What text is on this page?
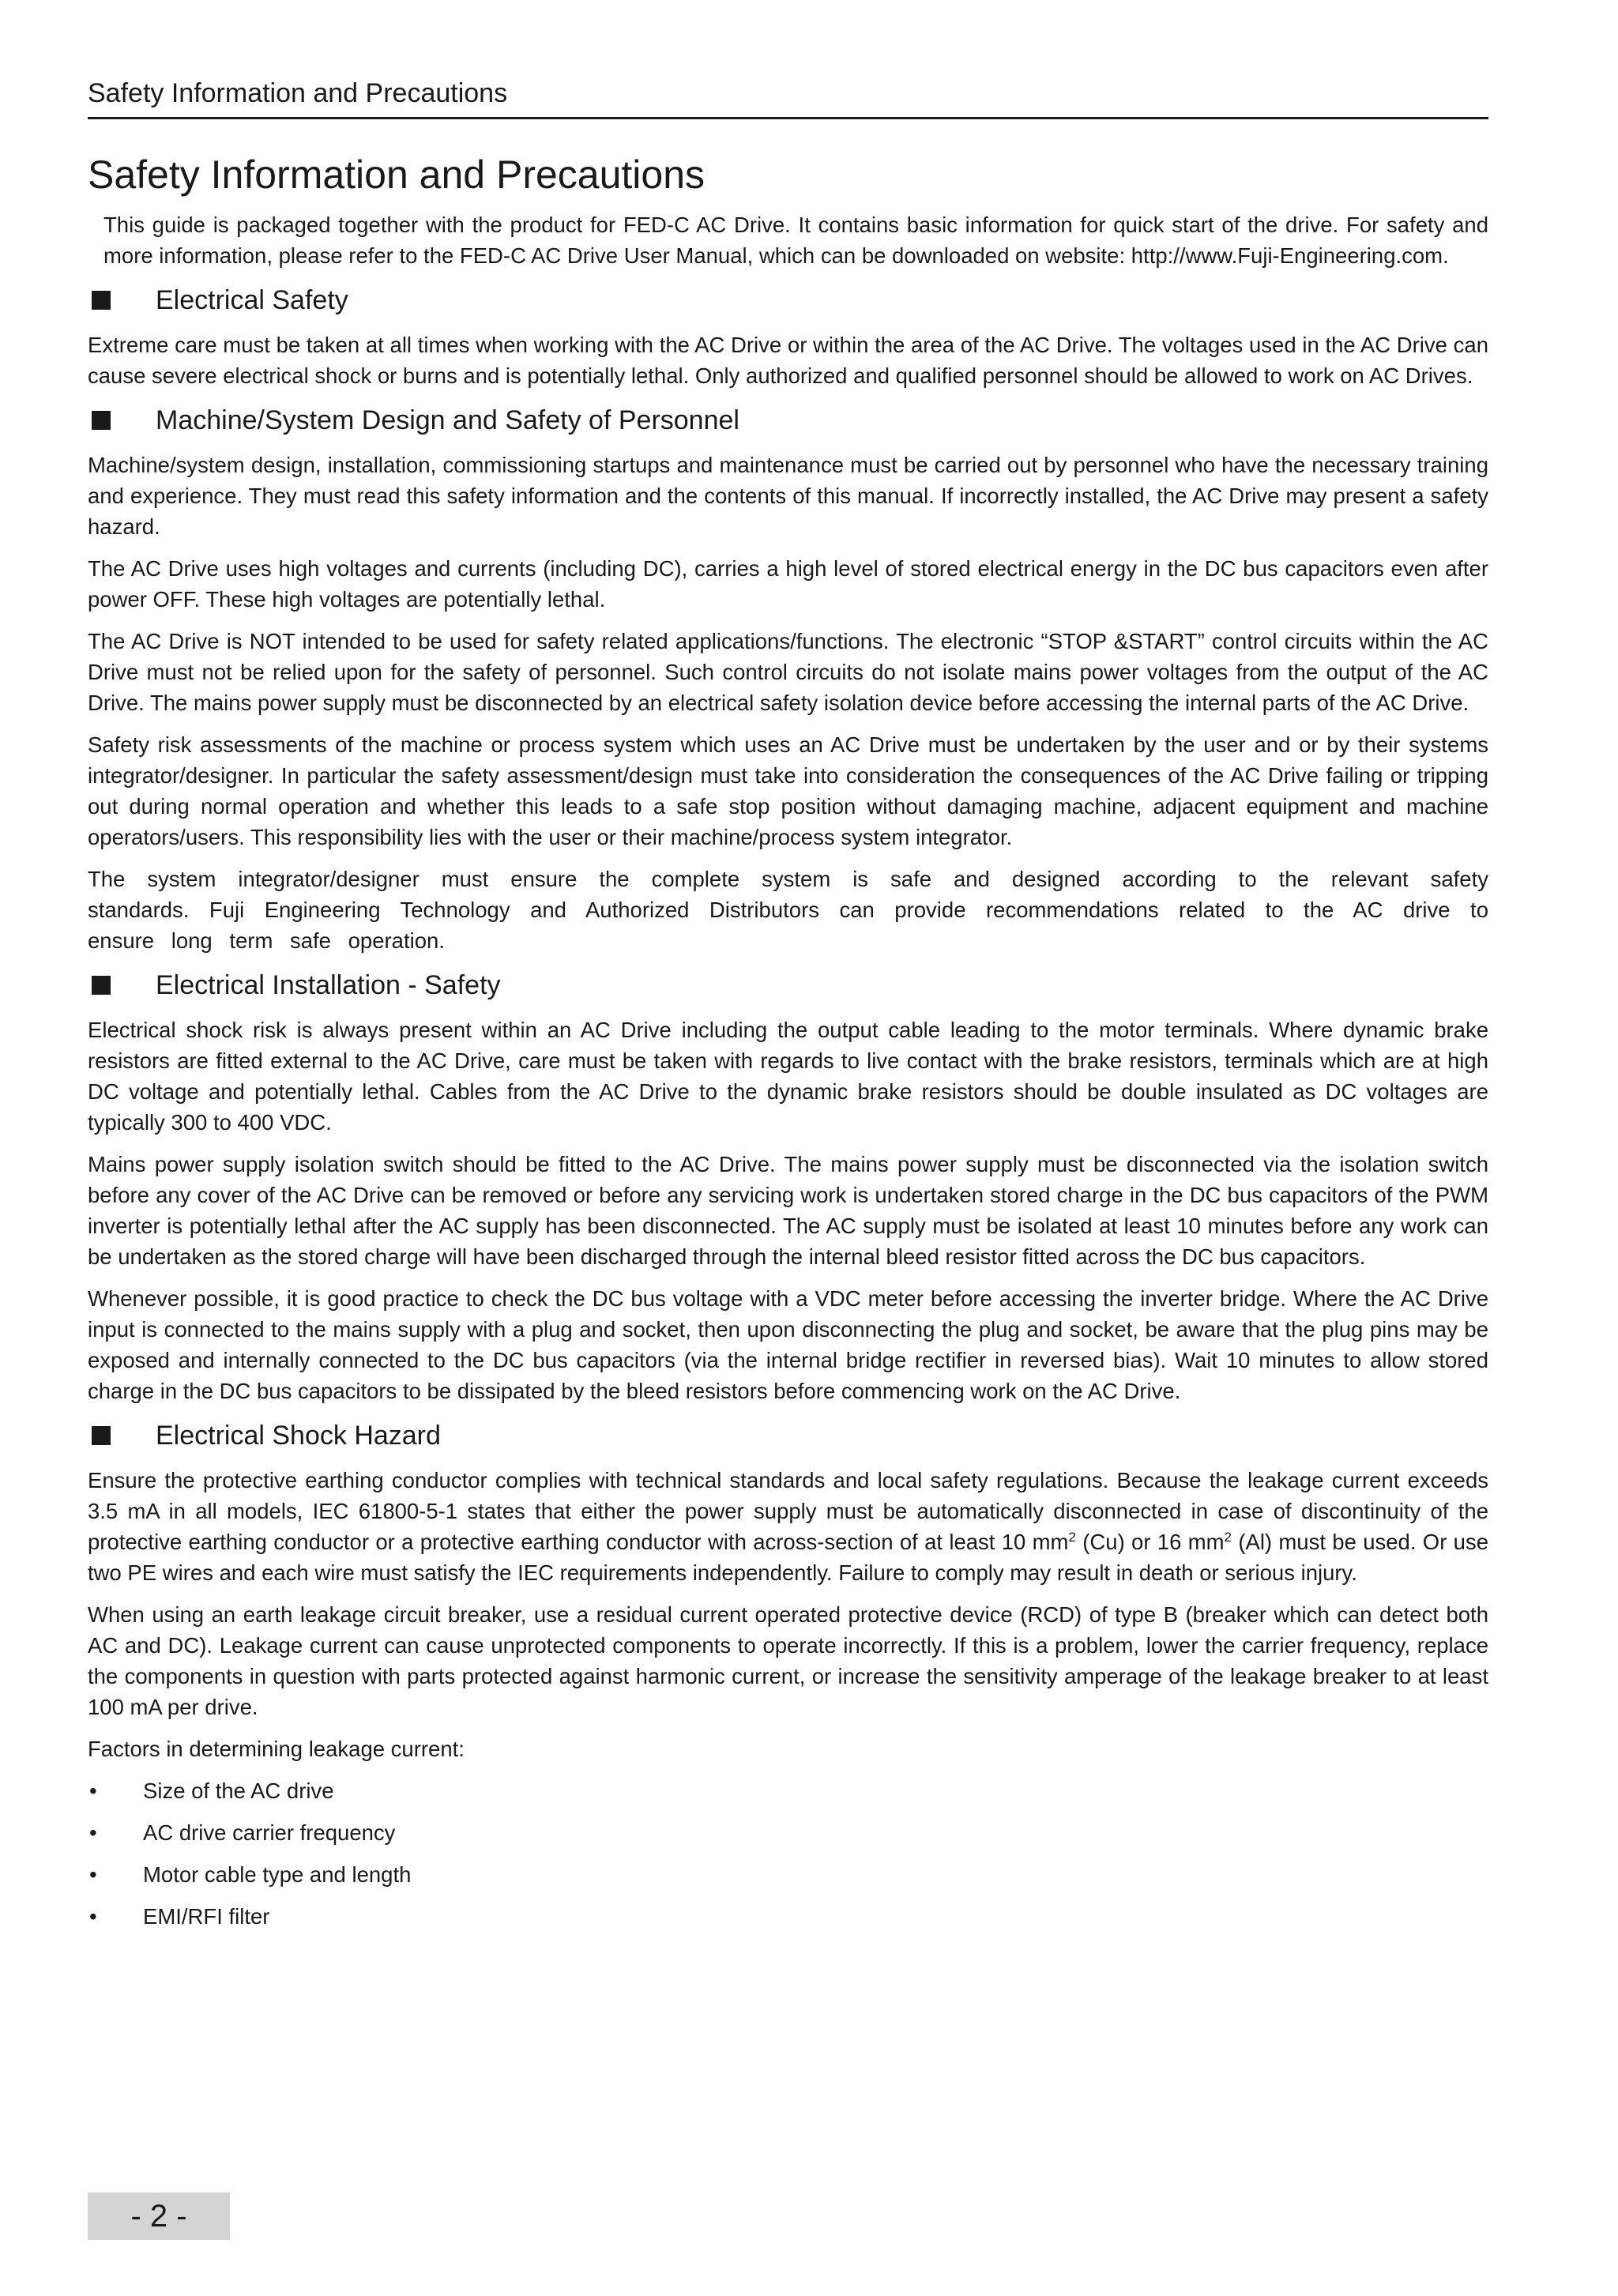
Safety Information and Precautions
Safety Information and Precautions

This guide is packaged together with the product for FED-C AC Drive. It contains basic information for quick start of the drive. For safety and more information, please refer to the FED-C AC Drive User Manual, which can be downloaded on website: http://www.Fuji-Engineering.com.

Electrical Safety

Extreme care must be taken at all times when working with the AC Drive or within the area of the AC Drive. The voltages used in the AC Drive can cause severe electrical shock or burns and is potentially lethal. Only authorized and qualified personnel should be allowed to work on AC Drives.

Machine/System Design and Safety of Personnel

Machine/system design, installation, commissioning startups and maintenance must be carried out by personnel who have the necessary training and experience. They must read this safety information and the contents of this manual. If incorrectly installed, the AC Drive may present a safety hazard.

The AC Drive uses high voltages and currents (including DC), carries a high level of stored electrical energy in the DC bus capacitors even after power OFF. These high voltages are potentially lethal.

The AC Drive is NOT intended to be used for safety related applications/functions. The electronic “STOP &START” control circuits within the AC Drive must not be relied upon for the safety of personnel. Such control circuits do not isolate mains power voltages from the output of the AC Drive. The mains power supply must be disconnected by an electrical safety isolation device before accessing the internal parts of the AC Drive.

Safety risk assessments of the machine or process system which uses an AC Drive must be undertaken by the user and or by their systems integrator/designer. In particular the safety assessment/design must take into consideration the consequences of the AC Drive failing or tripping out during normal operation and whether this leads to a safe stop position without damaging machine, adjacent equipment and machine operators/users. This responsibility lies with the user or their machine/process system integrator.

The system integrator/designer must ensure the complete system is safe and designed according to the relevant safety standards. Fuji Engineering Technology and Authorized Distributors can provide recommendations related to the AC drive to ensure long term safe operation.

Electrical Installation - Safety

Electrical shock risk is always present within an AC Drive including the output cable leading to the motor terminals. Where dynamic brake resistors are fitted external to the AC Drive, care must be taken with regards to live contact with the brake resistors, terminals which are at high DC voltage and potentially lethal. Cables from the AC Drive to the dynamic brake resistors should be double insulated as DC voltages are typically 300 to 400 VDC.

Mains power supply isolation switch should be fitted to the AC Drive. The mains power supply must be disconnected via the isolation switch before any cover of the AC Drive can be removed or before any servicing work is undertaken stored charge in the DC bus capacitors of the PWM inverter is potentially lethal after the AC supply has been disconnected. The AC supply must be isolated at least 10 minutes before any work can be undertaken as the stored charge will have been discharged through the internal bleed resistor fitted across the DC bus capacitors.

Whenever possible, it is good practice to check the DC bus voltage with a VDC meter before accessing the inverter bridge. Where the AC Drive input is connected to the mains supply with a plug and socket, then upon disconnecting the plug and socket, be aware that the plug pins may be exposed and internally connected to the DC bus capacitors (via the internal bridge rectifier in reversed bias). Wait 10 minutes to allow stored charge in the DC bus capacitors to be dissipated by the bleed resistors before commencing work on the AC Drive.

Electrical Shock Hazard

Ensure the protective earthing conductor complies with technical standards and local safety regulations. Because the leakage current exceeds 3.5 mA in all models, IEC 61800-5-1 states that either the power supply must be automatically disconnected in case of discontinuity of the protective earthing conductor or a protective earthing conductor with across-section of at least 10 $mm^2$ (Cu) or 16 $mm^2$ (Al) must be used. Or use two PE wires and each wire must satisfy the IEC requirements independently. Failure to comply may result in death or serious injury.

When using an earth leakage circuit breaker, use a residual current operated protective device (RCD) of type B (breaker which can detect both AC and DC). Leakage current can cause unprotected components to operate incorrectly. If this is a problem, lower the carrier frequency, replace the components in question with parts protected against harmonic current, or increase the sensitivity amperage of the leakage breaker to at least 100 mA per drive.

Factors in determining leakage current:

•	Size of the AC drive
•	AC drive carrier frequency
•	Motor cable type and length
•	EMI/RFI filter
- 2 -
